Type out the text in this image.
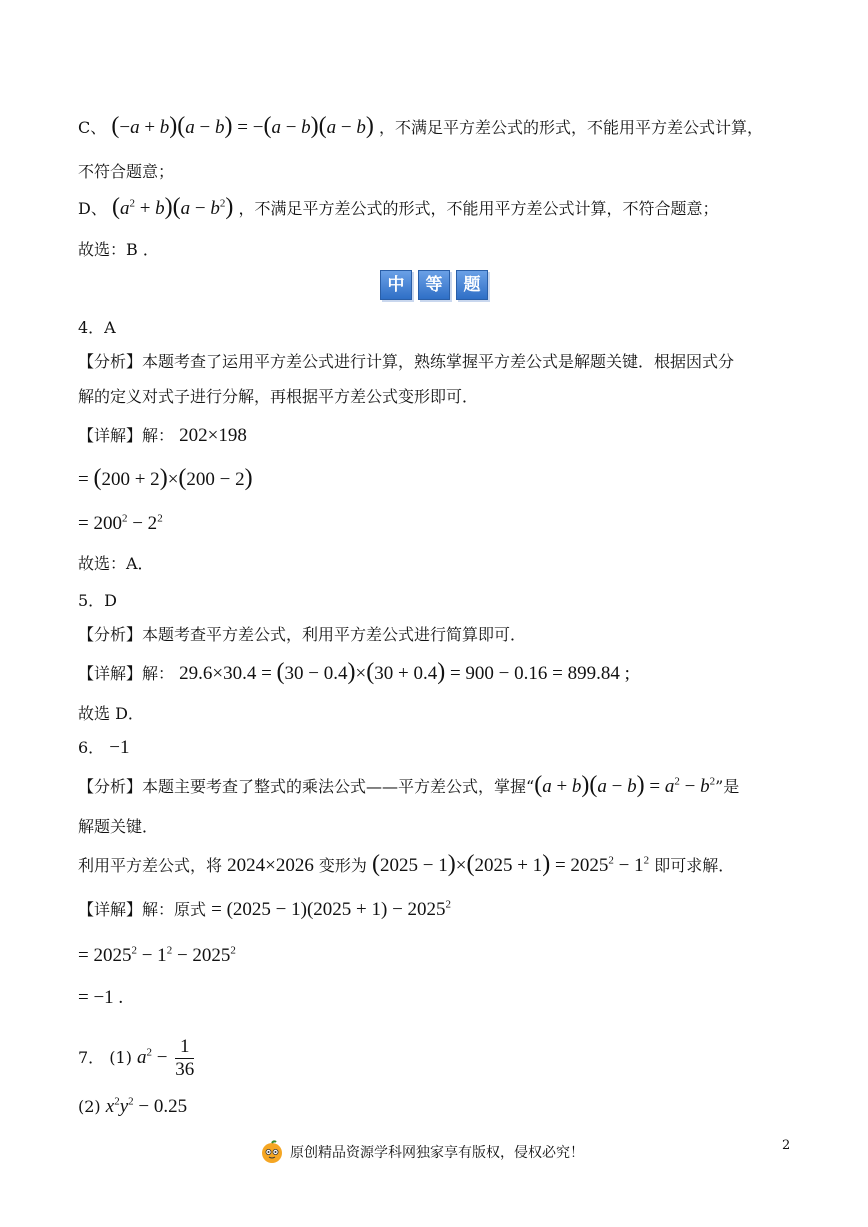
C、 (−a + b)(a − b) = −(a − b)(a − b) ，不满足平方差公式的形式，不能用平方差公式计算，
不符合题意；
D、 $(a^2 + b)(a - b^2)$ ，不满足平方差公式的形式，不能用平方差公式计算，不符合题意；
故选：B ．
中	等	题
4．A
【分析】本题考查了运用平方差公式进行计算，熟练掌握平方差公式是解题关键．根据因式分
解的定义对式子进行分解，再根据平方差公式变形即可．
【详解】解： 202×198
= (200 + 2)×(200 − 2)
= $200^2 - 2^2$
故选：A．
5．D
【分析】本题考查平方差公式，利用平方差公式进行简算即可．
【详解】解： 29.6×30.4 = (30 − 0.4)×(30 + 0.4) = 900 − 0.16 = 899.84 ;
故选 D．
6． −1
【分析】本题主要考查了整式的乘法公式——平方差公式，掌握“$(a + b)(a - b) = a^2 - b^2$”是
解题关键．
利用平方差公式，将 2024×2026 变形为 $(2025 - 1)\times(2025 + 1) = 2025^2 - 1^2$ 即可求解．
【详解】解：原式 = $(2025 - 1)(2025 + 1) - 2025^2$
= $2025^2 - 1^2 - 2025^2$
= −1 .
7． (1) $a^2 - \frac{1}{36}$
(2) $x^2y^2 - 0.25$
原创精品资源学科网独家享有版权，侵权必究！	2
